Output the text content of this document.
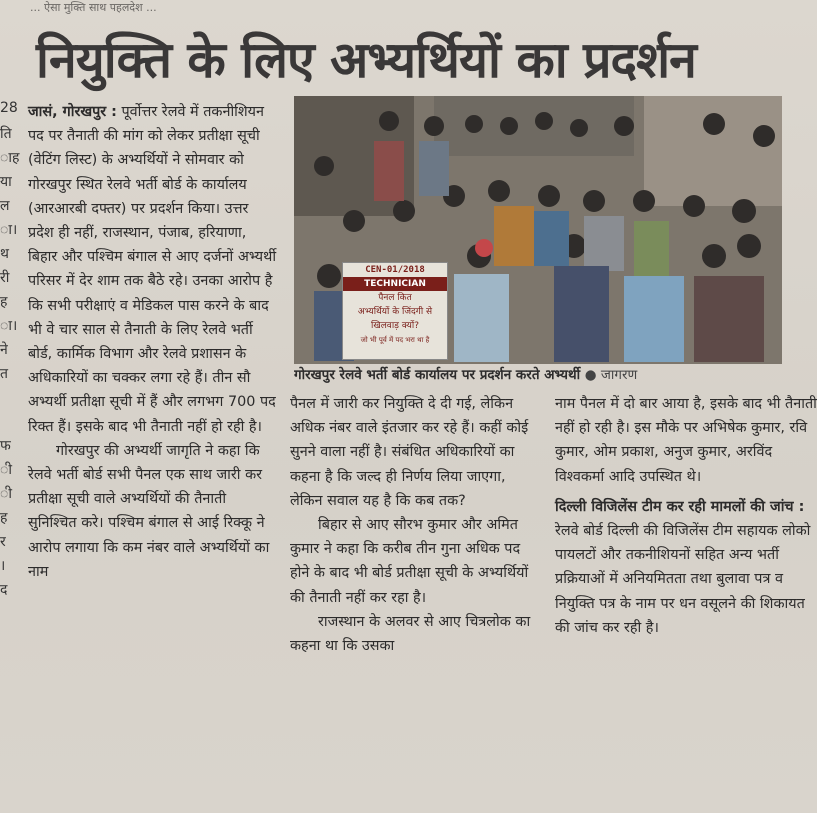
... ऐसा मुक्ति साथ पहलदेश ...
नियुक्ति के लिए अभ्यर्थियों का प्रदर्शन
28
ति
ाह
या
ल
ा।
थ
री
ह
ा।
ने
त
फ
ी
ी
ह
र
।
द

जासं, गोरखपुर : पूर्वोत्तर रेलवे में तकनीशियन पद पर तैनाती की मांग को लेकर प्रतीक्षा सूची (वेटिंग लिस्ट) के अभ्यर्थियों ने सोमवार को गोरखपुर स्थित रेलवे भर्ती बोर्ड के कार्यालय (आरआरबी दफ्तर) पर प्रदर्शन किया। उत्तर प्रदेश ही नहीं, राजस्थान, पंजाब, हरियाणा, बिहार और पश्चिम बंगाल से आए दर्जनों अभ्यर्थी परिसर में देर शाम तक बैठे रहे। उनका आरोप है कि सभी परीक्षाएं व मेडिकल पास करने के बाद भी वे चार साल से तैनाती के लिए रेलवे भर्ती बोर्ड, कार्मिक विभाग और रेलवे प्रशासन के अधिकारियों का चक्कर लगा रहे हैं। तीन सौ अभ्यर्थी प्रतीक्षा सूची में हैं और लगभग 700 पद रिक्त हैं। इसके बाद भी तैनाती नहीं हो रही है।

गोरखपुर की अभ्यर्थी जागृति ने कहा कि रेलवे भर्ती बोर्ड सभी पैनल एक साथ जारी कर प्रतीक्षा सूची वाले अभ्यर्थियों की तैनाती सुनिश्चित करे। पश्चिम बंगाल से आई रिक्कू ने आरोप लगाया कि कम नंबर वाले अभ्यर्थियों का नाम

CEN-01/2018
TECHNICIAN
पैनल कित
अभ्यर्थियों के जिंदगी से
खिलवाड़ क्यों?
जो भी पूर्व में पद भरा था है
गोरखपुर रेलवे भर्ती बोर्ड कार्यालय पर प्रदर्शन करते अभ्यर्थी ● जागरण

पैनल में जारी कर नियुक्ति दे दी गई, लेकिन अधिक नंबर वाले इंतजार कर रहे हैं। कहीं कोई सुनने वाला नहीं है। संबंधित अधिकारियों का कहना है कि जल्द ही निर्णय लिया जाएगा, लेकिन सवाल यह है कि कब तक?

बिहार से आए सौरभ कुमार और अमित कुमार ने कहा कि करीब तीन गुना अधिक पद होने के बाद भी बोर्ड प्रतीक्षा सूची के अभ्यर्थियों की तैनाती नहीं कर रहा है।

राजस्थान के अलवर से आए चित्रलोक का कहना था कि उसका

नाम पैनल में दो बार आया है, इसके बाद भी तैनाती नहीं हो रही है। इस मौके पर अभिषेक कुमार, रवि कुमार, ओम प्रकाश, अनुज कुमार, अरविंद विश्वकर्मा आदि उपस्थित थे।

दिल्ली विजिलेंस टीम कर रही मामलों की जांच : रेलवे बोर्ड दिल्ली की विजिलेंस टीम सहायक लोको पायलटों और तकनीशियनों सहित अन्य भर्ती प्रक्रियाओं में अनियमितता तथा बुलावा पत्र व नियुक्ति पत्र के नाम पर धन वसूलने की शिकायत की जांच कर रही है।
